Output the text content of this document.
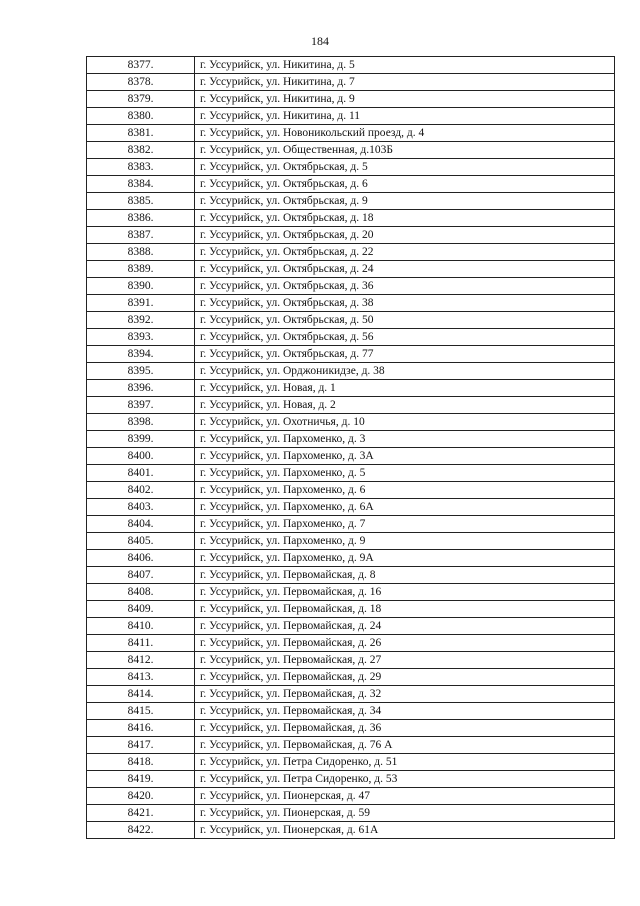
184
8377.	г. Уссурийск, ул. Никитина, д. 5
8378.	г. Уссурийск, ул. Никитина, д. 7
8379.	г. Уссурийск, ул. Никитина, д. 9
8380.	г. Уссурийск, ул. Никитина, д. 11
8381.	г. Уссурийск, ул. Новоникольский проезд, д. 4
8382.	г. Уссурийск, ул. Общественная, д.103Б
8383.	г. Уссурийск, ул. Октябрьская, д. 5
8384.	г. Уссурийск, ул. Октябрьская, д. 6
8385.	г. Уссурийск, ул. Октябрьская, д. 9
8386.	г. Уссурийск, ул. Октябрьская, д. 18
8387.	г. Уссурийск, ул. Октябрьская, д. 20
8388.	г. Уссурийск, ул. Октябрьская, д. 22
8389.	г. Уссурийск, ул. Октябрьская, д. 24
8390.	г. Уссурийск, ул. Октябрьская, д. 36
8391.	г. Уссурийск, ул. Октябрьская, д. 38
8392.	г. Уссурийск, ул. Октябрьская, д. 50
8393.	г. Уссурийск, ул. Октябрьская, д. 56
8394.	г. Уссурийск, ул. Октябрьская, д. 77
8395.	г. Уссурийск, ул. Орджоникидзе, д. 38
8396.	г. Уссурийск, ул. Новая, д. 1
8397.	г. Уссурийск, ул. Новая, д. 2
8398.	г. Уссурийск, ул. Охотничья, д. 10
8399.	г. Уссурийск, ул. Пархоменко, д. 3
8400.	г. Уссурийск, ул. Пархоменко, д. 3А
8401.	г. Уссурийск, ул. Пархоменко, д. 5
8402.	г. Уссурийск, ул. Пархоменко, д. 6
8403.	г. Уссурийск, ул. Пархоменко, д. 6А
8404.	г. Уссурийск, ул. Пархоменко, д. 7
8405.	г. Уссурийск, ул. Пархоменко, д. 9
8406.	г. Уссурийск, ул. Пархоменко, д. 9А
8407.	г. Уссурийск, ул. Первомайская, д. 8
8408.	г. Уссурийск, ул. Первомайская, д. 16
8409.	г. Уссурийск, ул. Первомайская, д. 18
8410.	г. Уссурийск, ул. Первомайская, д. 24
8411.	г. Уссурийск, ул. Первомайская, д. 26
8412.	г. Уссурийск, ул. Первомайская, д. 27
8413.	г. Уссурийск, ул. Первомайская, д. 29
8414.	г. Уссурийск, ул. Первомайская, д. 32
8415.	г. Уссурийск, ул. Первомайская, д. 34
8416.	г. Уссурийск, ул. Первомайская, д. 36
8417.	г. Уссурийск, ул. Первомайская, д. 76 А
8418.	г. Уссурийск, ул. Петра Сидоренко, д. 51
8419.	г. Уссурийск, ул. Петра Сидоренко, д. 53
8420.	г. Уссурийск, ул. Пионерская, д. 47
8421.	г. Уссурийск, ул. Пионерская, д. 59
8422.	г. Уссурийск, ул. Пионерская, д. 61А
